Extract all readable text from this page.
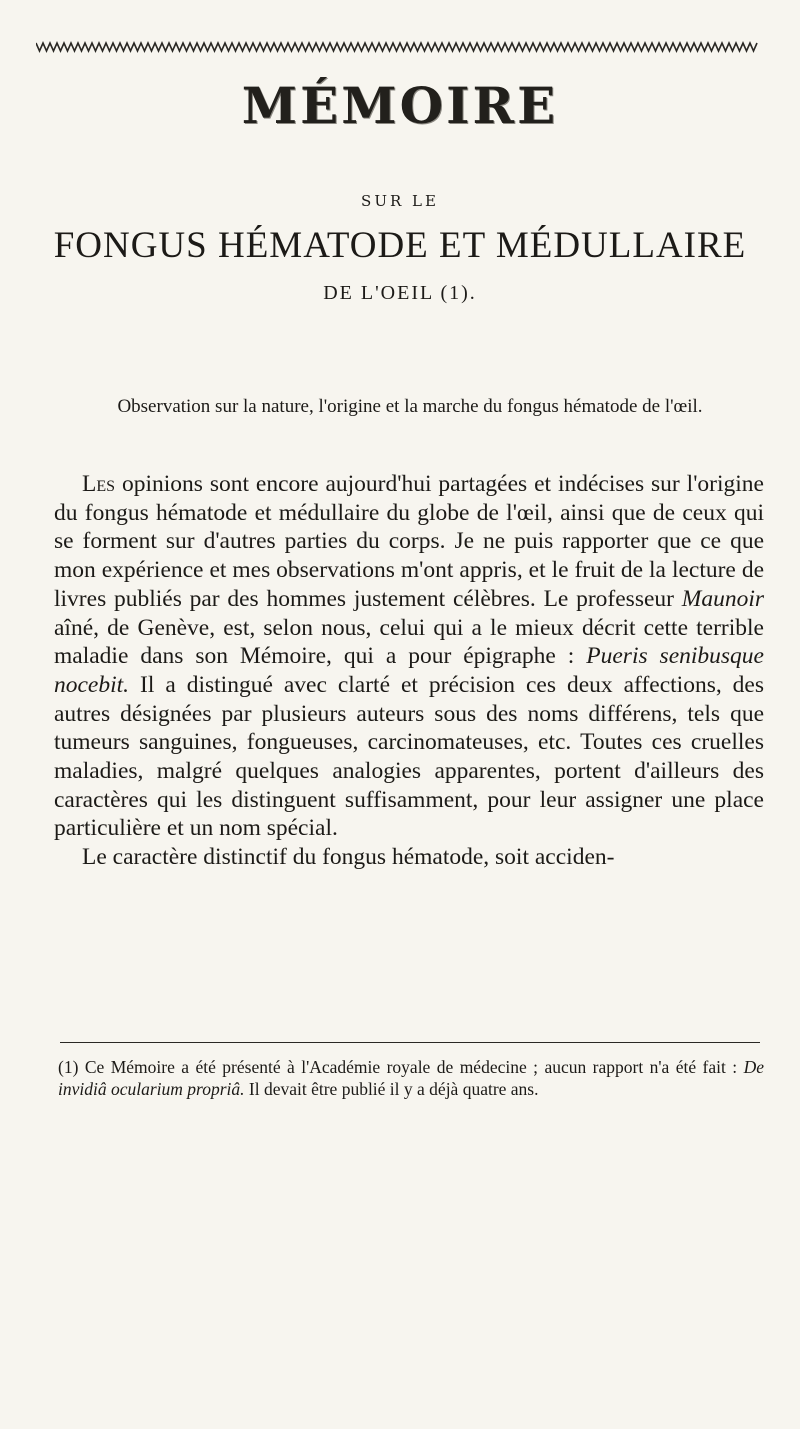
MÉMOIRE
SUR LE
FONGUS HÉMATODE ET MÉDULLAIRE
DE L'OEIL (1).
Observation sur la nature, l'origine et la marche du fongus hématode de l'œil.

Les opinions sont encore aujourd'hui partagées et indécises sur l'origine du fongus hématode et médullaire du globe de l'œil, ainsi que de ceux qui se forment sur d'autres parties du corps. Je ne puis rapporter que ce que mon expérience et mes observations m'ont appris, et le fruit de la lecture de livres publiés par des hommes justement célèbres. Le professeur Maunoir aîné, de Genève, est, selon nous, celui qui a le mieux décrit cette terrible maladie dans son Mémoire, qui a pour épigraphe : Pueris senibusque nocebit. Il a distingué avec clarté et précision ces deux affections, des autres désignées par plusieurs auteurs sous des noms différens, tels que tumeurs sanguines, fongueuses, carcinomateuses, etc. Toutes ces cruelles maladies, malgré quelques analogies apparentes, portent d'ailleurs des caractères qui les distinguent suffisamment, pour leur assigner une place particulière et un nom spécial.

Le caractère distinctif du fongus hématode, soit acciden-

(1) Ce Mémoire a été présenté à l'Académie royale de médecine ; aucun rapport n'a été fait : De invidiâ ocularium propriâ. Il devait être publié il y a déjà quatre ans.
